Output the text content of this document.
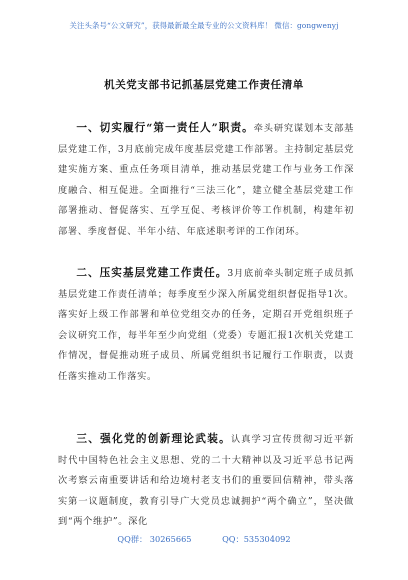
关注头条号“公文研究”，获得最新最全最专业的公文资料库！ 微信：gongwenyj
机关党支部书记抓基层党建工作责任清单

一、切实履行“第一责任人”职责。牵头研究谋划本支部基层党建工作，3月底前完成年度基层党建工作部署。主持制定基层党建实施方案、重点任务项目清单，推动基层党建工作与业务工作深度融合、相互促进。全面推行“三法三化”，建立健全基层党建工作部署推动、督促落实、互学互促、考核评价等工作机制，构建年初部署、季度督促、半年小结、年底述职考评的工作闭环。

二、压实基层党建工作责任。3月底前牵头制定班子成员抓基层党建工作责任清单；每季度至少深入所属党组织督促指导1次。落实好上级工作部署和单位党组交办的任务，定期召开党组织班子会议研究工作，每半年至少向党组（党委）专题汇报1次机关党建工作情况，督促推动班子成员、所属党组织书记履行工作职责，以责任落实推动工作落实。

三、强化党的创新理论武装。认真学习宣传贯彻习近平新时代中国特色社会主义思想、党的二十大精神以及习近平总书记两次考察云南重要讲话和给边境村老支书们的重要回信精神，带头落实第一议题制度，教育引导广大党员忠诚拥护“两个确立”，坚决做到“两个维护”。深化

QQ群： 30265665	QQ：535304092
